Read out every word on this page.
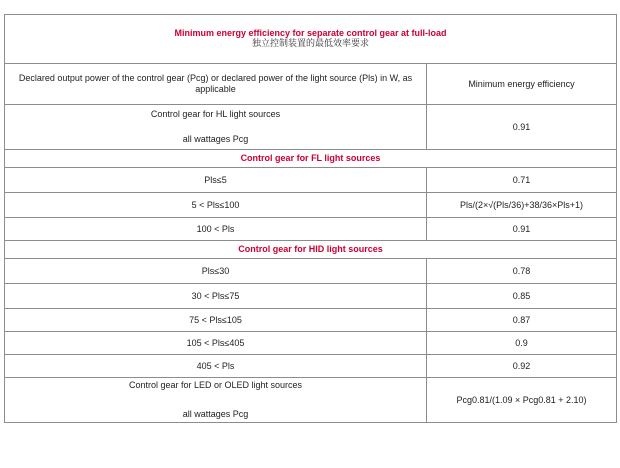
Minimum energy efficiency for separate control gear at full-load
独立控制装置的最低效率要求	

Declared output power of the control gear (Pcg) or declared power of the light source (Pls) in W, as applicable	Minimum energy efficiency

Control gear for HL light sources
all wattages Pcg	0.91
Control gear for FL light sources	
Pls≤5	0.71
5 < Pls≤100	Pls/(2×√(Pls/36)+38/36×Pls+1)
100 < Pls	0.91
Control gear for HID light sources	
Pls≤30	0.78
30 < Pls≤75	0.85
75 < Pls≤105	0.87
105 < Pls≤405	0.9
405 < Pls	0.92

Control gear for LED or OLED light sources
all wattages Pcg	Pcg0.81/(1.09 × Pcg0.81 + 2.10)
